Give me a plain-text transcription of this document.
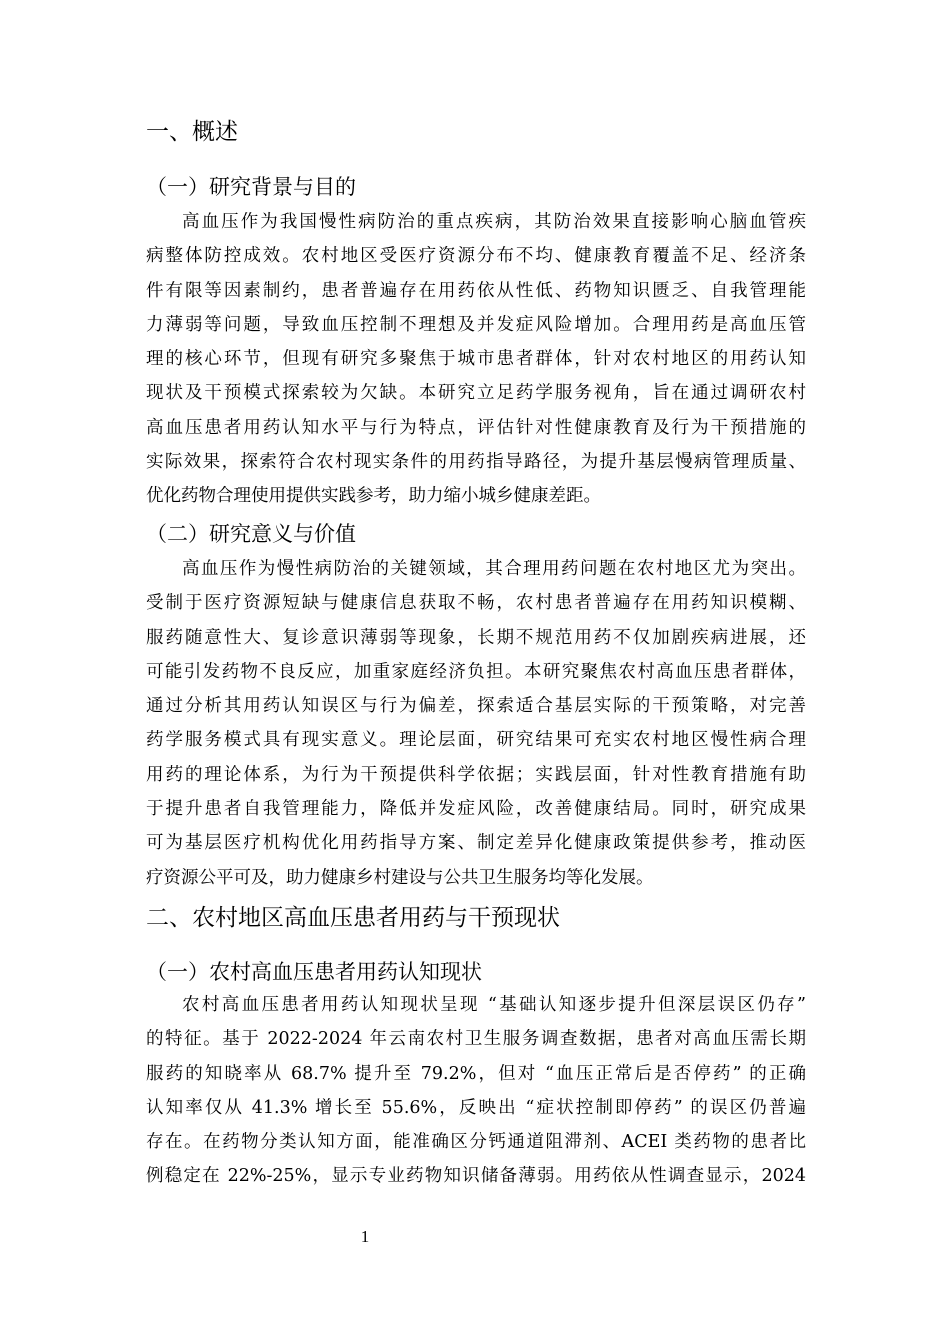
一、概述
（一）研究背景与目的
高血压作为我国慢性病防治的重点疾病，其防治效果直接影响心脑血管疾
病整体防控成效。农村地区受医疗资源分布不均、健康教育覆盖不足、经济条
件有限等因素制约，患者普遍存在用药依从性低、药物知识匮乏、自我管理能
力薄弱等问题，导致血压控制不理想及并发症风险增加。合理用药是高血压管
理的核心环节，但现有研究多聚焦于城市患者群体，针对农村地区的用药认知
现状及干预模式探索较为欠缺。本研究立足药学服务视角，旨在通过调研农村
高血压患者用药认知水平与行为特点，评估针对性健康教育及行为干预措施的
实际效果，探索符合农村现实条件的用药指导路径，为提升基层慢病管理质量、
优化药物合理使用提供实践参考，助力缩小城乡健康差距。
（二）研究意义与价值
高血压作为慢性病防治的关键领域，其合理用药问题在农村地区尤为突出。
受制于医疗资源短缺与健康信息获取不畅，农村患者普遍存在用药知识模糊、
服药随意性大、复诊意识薄弱等现象，长期不规范用药不仅加剧疾病进展，还
可能引发药物不良反应，加重家庭经济负担。本研究聚焦农村高血压患者群体，
通过分析其用药认知误区与行为偏差，探索适合基层实际的干预策略，对完善
药学服务模式具有现实意义。理论层面，研究结果可充实农村地区慢性病合理
用药的理论体系，为行为干预提供科学依据；实践层面，针对性教育措施有助
于提升患者自我管理能力，降低并发症风险，改善健康结局。同时，研究成果
可为基层医疗机构优化用药指导方案、制定差异化健康政策提供参考，推动医
疗资源公平可及，助力健康乡村建设与公共卫生服务均等化发展。
二、农村地区高血压患者用药与干预现状
（一）农村高血压患者用药认知现状
农村高血压患者用药认知现状呈现 “基础认知逐步提升但深层误区仍存”
的特征。基于 2022-2024 年云南农村卫生服务调查数据，患者对高血压需长期
服药的知晓率从 68.7% 提升至 79.2%，但对 “血压正常后是否停药” 的正确
认知率仅从 41.3% 增长至 55.6%，反映出 “症状控制即停药” 的误区仍普遍
存在。在药物分类认知方面，能准确区分钙通道阻滞剂、ACEI 类药物的患者比
例稳定在 22%-25%，显示专业药物知识储备薄弱。用药依从性调查显示，2024
1
